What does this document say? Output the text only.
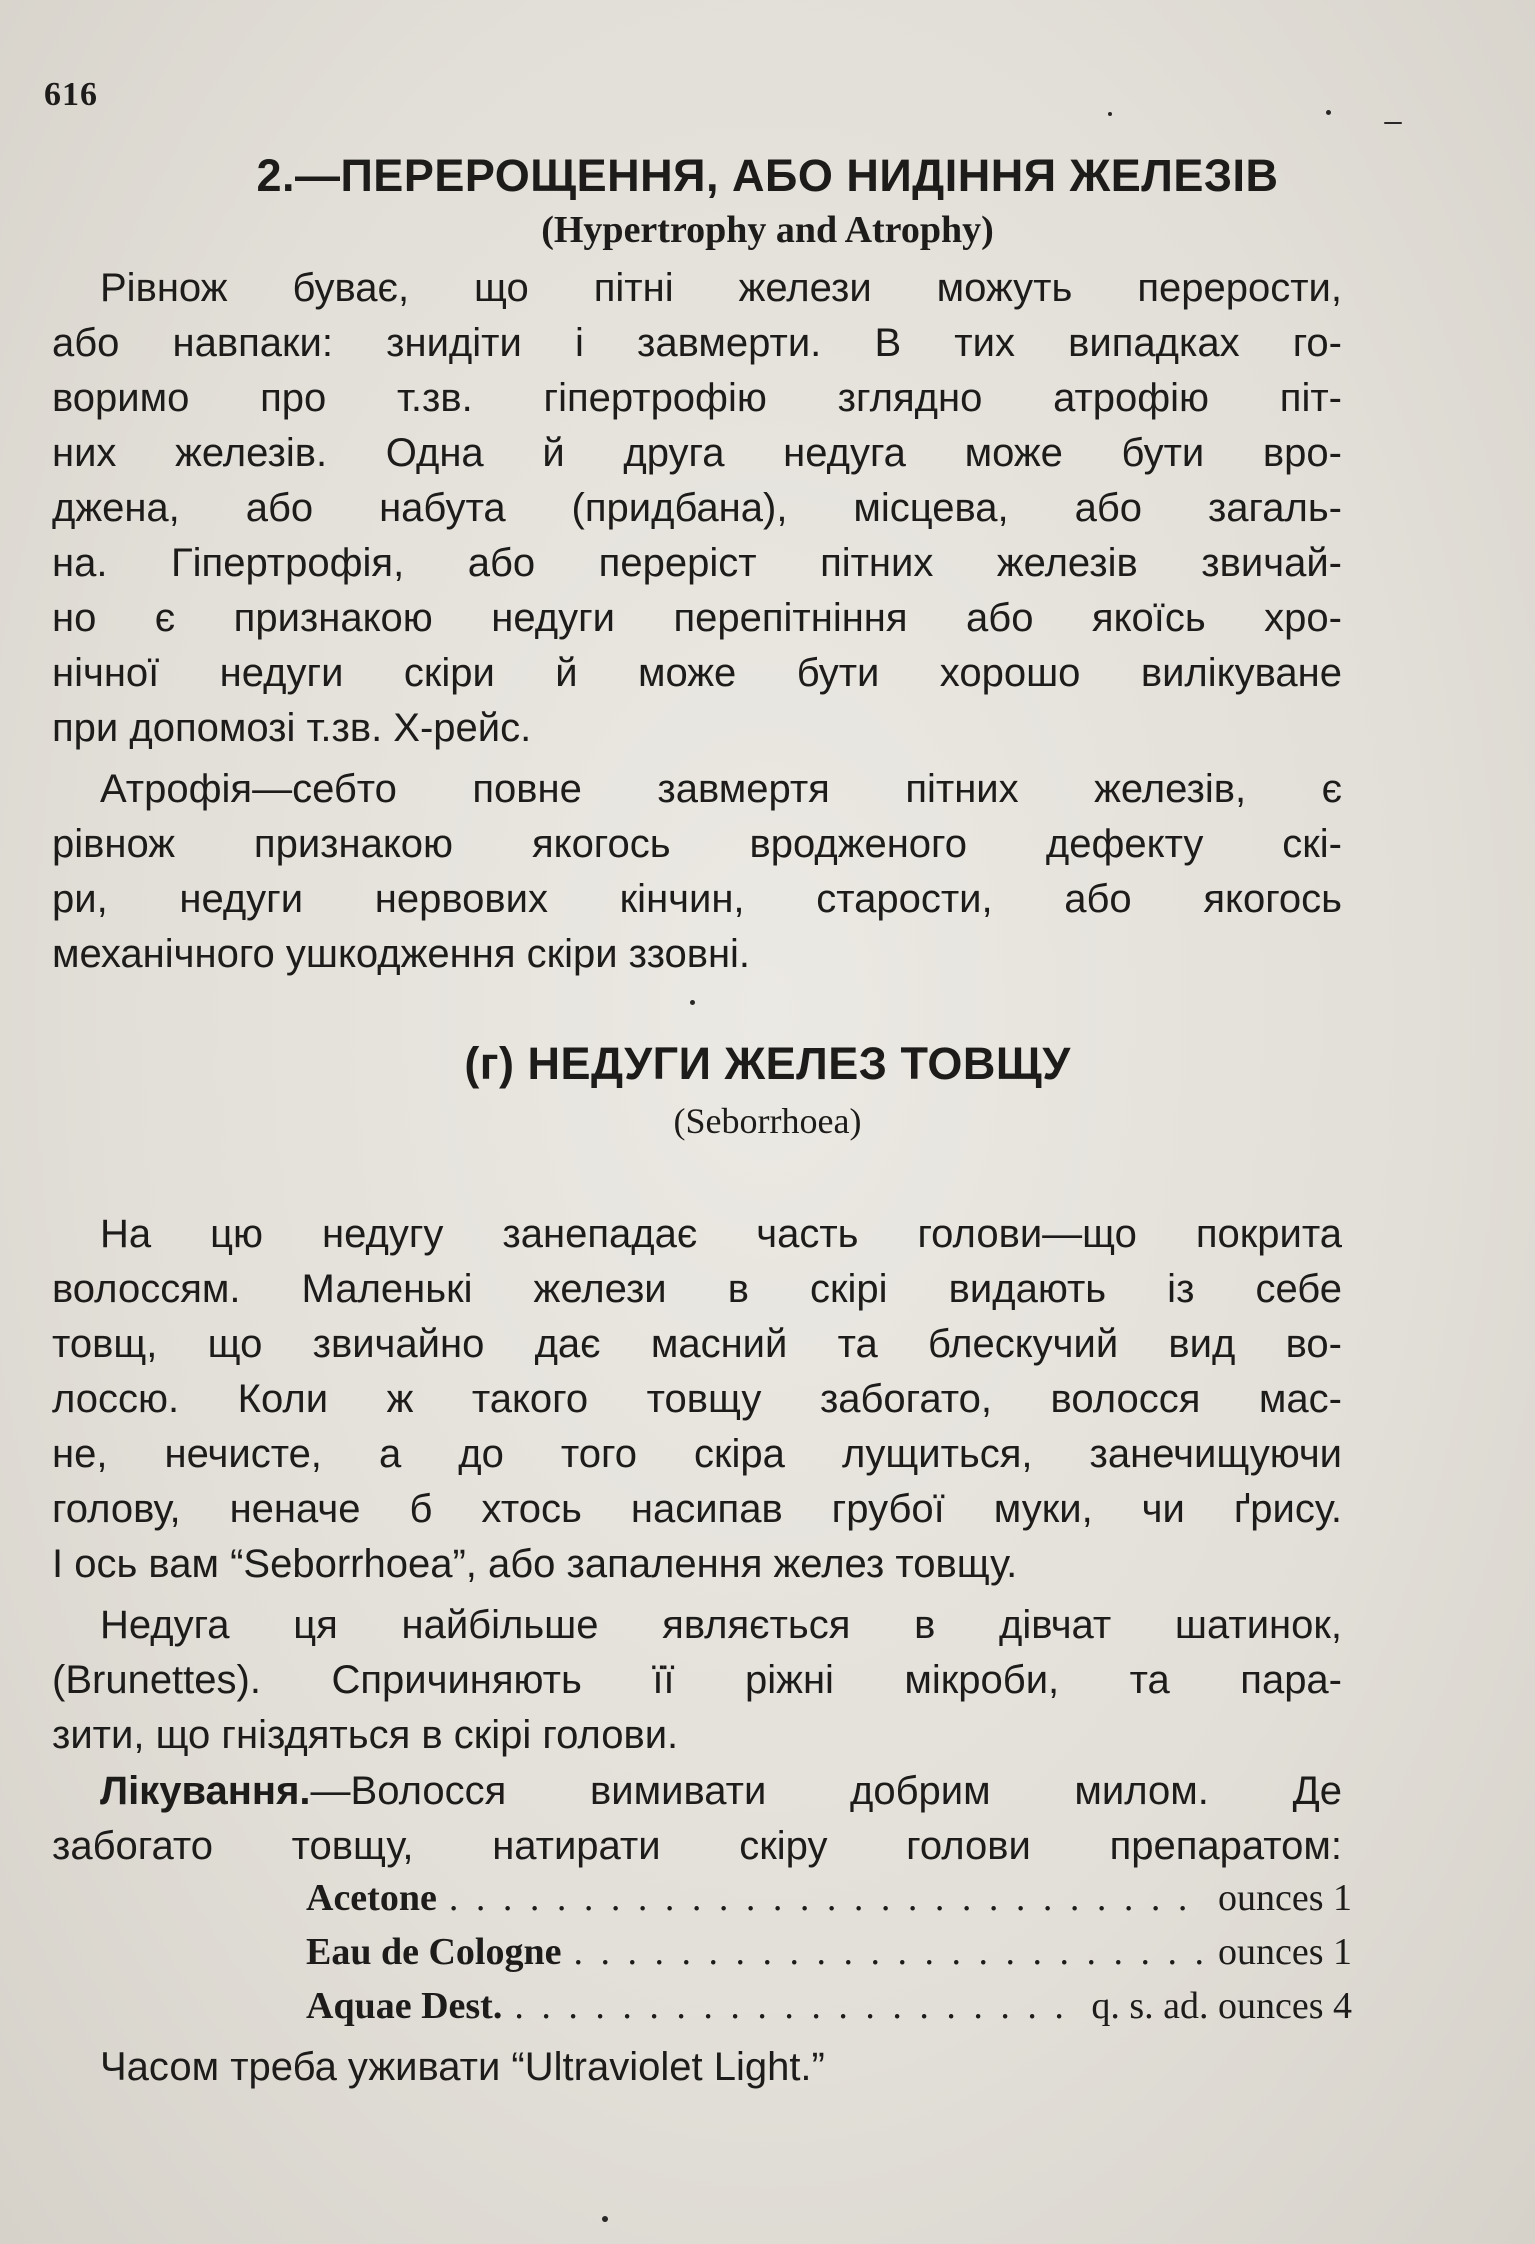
616
2.—ПЕРЕРОЩЕННЯ, АБО НИДІННЯ ЖЕЛЕЗІВ
(Hypertrophy and Atrophy)
Рівнож буває, що пітні желези можуть перерости,
або навпаки: знидіти і завмерти. В тих випадках го-
воримо про т.зв. гіпертрофію зглядно атрофію піт-
них железів. Одна й друга недуга може бути вро-
джена, або набута (придбана), місцева, або загаль-
на. Гіпертрофія, або переріст пітних железів звичай-
но є признакою недуги перепітніння або якоїсь хро-
нічної недуги скіри й може бути хорошо вилікуване
при допомозі т.зв. Х-рейс.
Атрофія—себто повне завмертя пітних железів, є
рівнож признакою якогось вродженого дефекту скі-
ри, недуги нервових кінчин, старости, або якогось
механічного ушкодження скіри ззовні.
(г) НЕДУГИ ЖЕЛЕЗ ТОВЩУ
(Seborrhoea)
На цю недугу занепадає часть голови—що покрита
волоссям. Маленькі желези в скірі видають із себе
товщ, що звичайно дає масний та блескучий вид во-
лоссю. Коли ж такого товщу забогато, волосся мас-
не, нечисте, а до того скіра лущиться, занечищуючи
голову, неначе б хтось насипав грубої муки, чи ґрису.
І ось вам “Seborrhoea”, або запалення желез товщу.
Недуга ця найбільше являється в дівчат шатинок,
(Brunettes). Спричиняють її ріжні мікроби, та пара-
зити, що гніздяться в скірі голови.
Лікування.—Волосся вимивати добрим милом. Де
забогато товщу, натирати скіру голови препаратом:
Acetone . . .	ounces 1
Eau de Cologne . . .	ounces 1
Aquae Dest. . . .	q. s. ad. ounces 4
Часом треба уживати “Ultraviolet Light.”
